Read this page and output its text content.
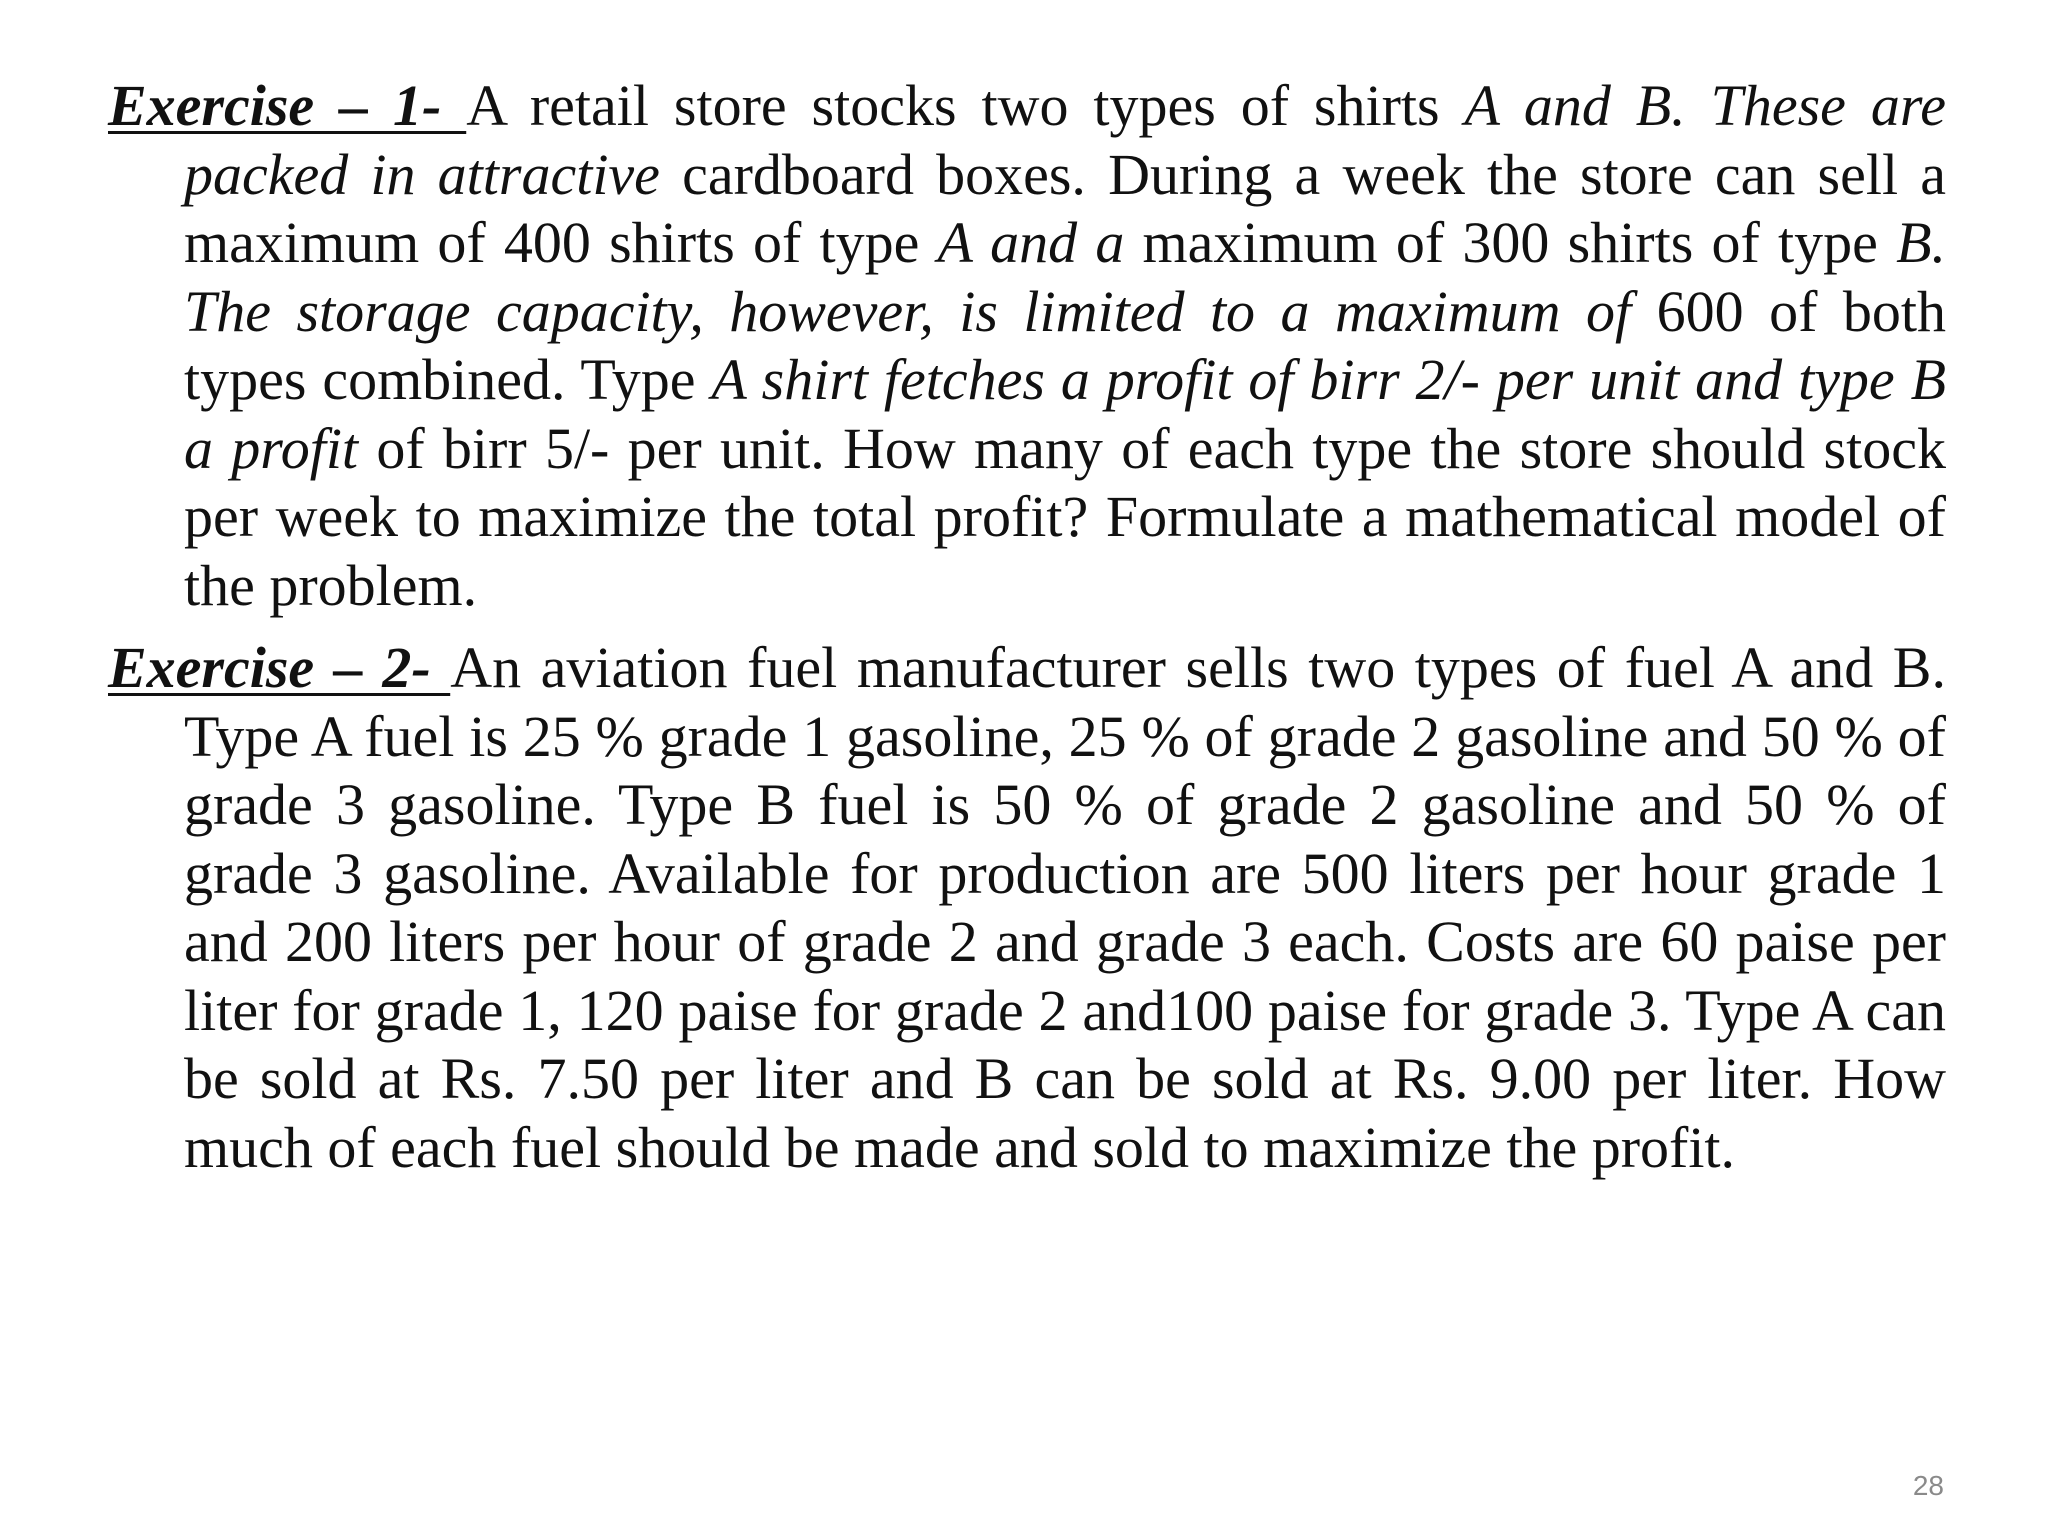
Exercise – 1- A retail store stocks two types of shirts A and B. These are packed in attractive cardboard boxes. During a week the store can sell a maximum of 400 shirts of type A and a maximum of 300 shirts of type B. The storage capacity, however, is limited to a maximum of 600 of both types combined. Type A shirt fetches a profit of birr 2/- per unit and type B a profit of birr 5/- per unit. How many of each type the store should stock per week to maximize the total profit? Formulate a mathematical model of the problem.

Exercise – 2- An aviation fuel manufacturer sells two types of fuel A and B. Type A fuel is 25 % grade 1 gasoline, 25 % of grade 2 gasoline and 50 % of grade 3 gasoline. Type B fuel is 50 % of grade 2 gasoline and 50 % of grade 3 gasoline. Available for production are 500 liters per hour grade 1 and 200 liters per hour of grade 2 and grade 3 each. Costs are 60 paise per liter for grade 1, 120 paise for grade 2 and100 paise for grade 3. Type A can be sold at Rs. 7.50 per liter and B can be sold at Rs. 9.00 per liter. How much of each fuel should be made and sold to maximize the profit.

28
